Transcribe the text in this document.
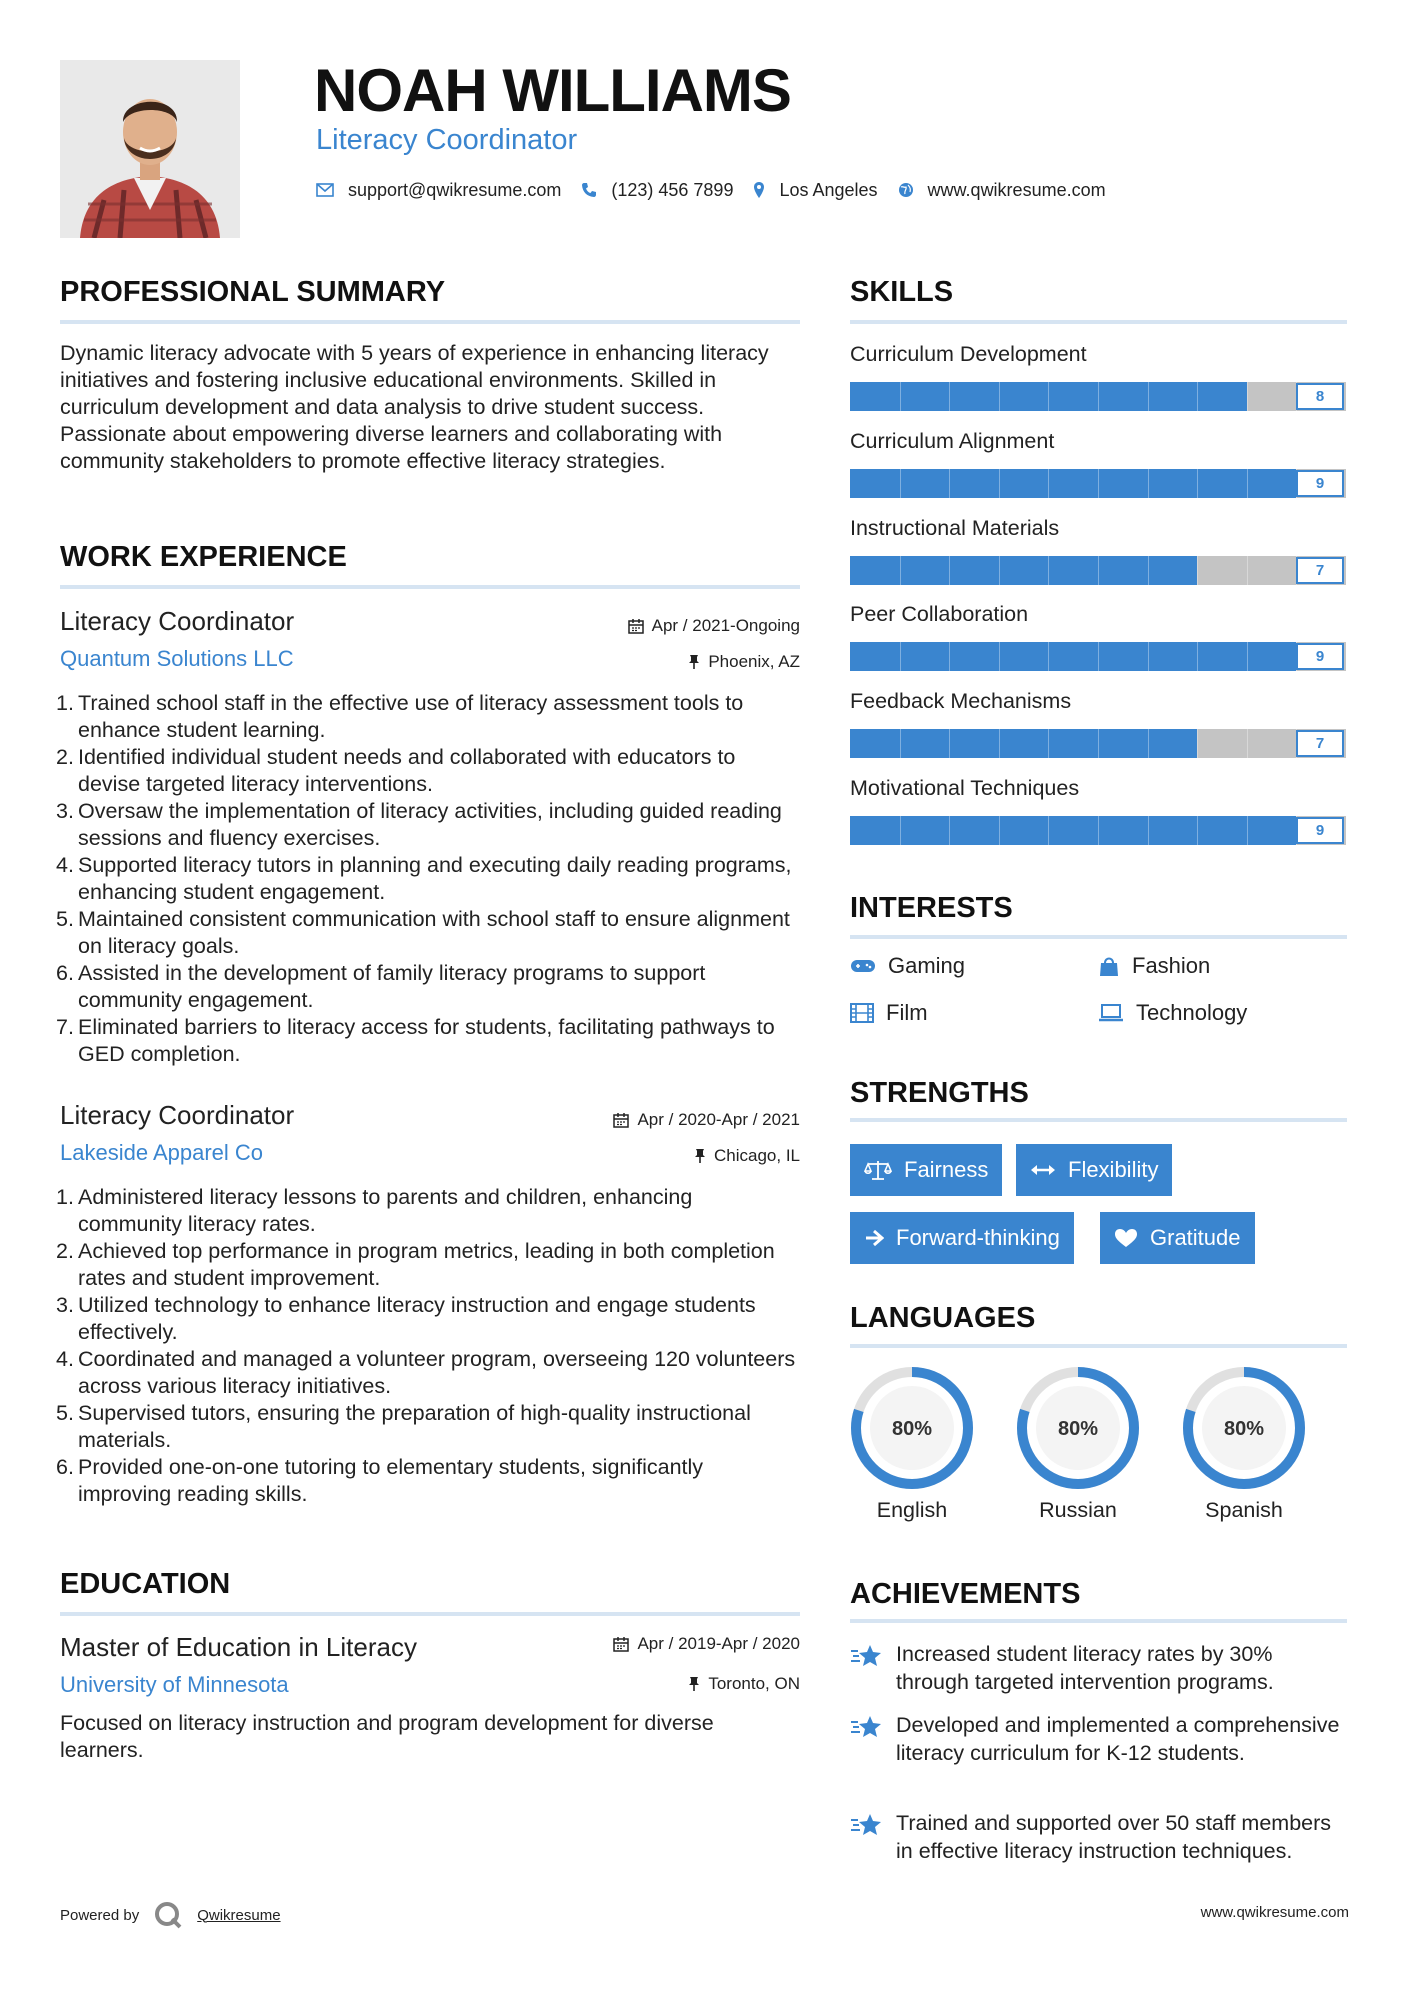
NOAH WILLIAMS
Literacy Coordinator
support@qwikresume.com	(123) 456 7899	Los Angeles	www.qwikresume.com
PROFESSIONAL SUMMARY
Dynamic literacy advocate with 5 years of experience in enhancing literacy initiatives and fostering inclusive educational environments. Skilled in curriculum development and data analysis to drive student success. Passionate about empowering diverse learners and collaborating with community stakeholders to promote effective literacy strategies.
WORK EXPERIENCE
Literacy Coordinator
Quantum Solutions LLC
Apr / 2021-Ongoing
Phoenix, AZ
1. Trained school staff in the effective use of literacy assessment tools to enhance student learning.
2. Identified individual student needs and collaborated with educators to devise targeted literacy interventions.
3. Oversaw the implementation of literacy activities, including guided reading sessions and fluency exercises.
4. Supported literacy tutors in planning and executing daily reading programs, enhancing student engagement.
5. Maintained consistent communication with school staff to ensure alignment on literacy goals.
6. Assisted in the development of family literacy programs to support community engagement.
7. Eliminated barriers to literacy access for students, facilitating pathways to GED completion.
Literacy Coordinator
Lakeside Apparel Co
Apr / 2020-Apr / 2021
Chicago, IL
1. Administered literacy lessons to parents and children, enhancing community literacy rates.
2. Achieved top performance in program metrics, leading in both completion rates and student improvement.
3. Utilized technology to enhance literacy instruction and engage students effectively.
4. Coordinated and managed a volunteer program, overseeing 120 volunteers across various literacy initiatives.
5. Supervised tutors, ensuring the preparation of high-quality instructional materials.
6. Provided one-on-one tutoring to elementary students, significantly improving reading skills.
EDUCATION
Master of Education in Literacy
University of Minnesota
Apr / 2019-Apr / 2020
Toronto, ON
Focused on literacy instruction and program development for diverse learners.
SKILLS
Curriculum Development
8
Curriculum Alignment
9
Instructional Materials
7
Peer Collaboration
9
Feedback Mechanisms
7
Motivational Techniques
9
INTERESTS
Gaming	Fashion
Film	Technology
STRENGTHS
Fairness	Flexibility
Forward-thinking	Gratitude
LANGUAGES
80%
English
80%
Russian
80%
Spanish
ACHIEVEMENTS
Increased student literacy rates by 30% through targeted intervention programs.
Developed and implemented a comprehensive literacy curriculum for K-12 students.
Trained and supported over 50 staff members in effective literacy instruction techniques.
Powered by	Qwikresume	www.qwikresume.com
